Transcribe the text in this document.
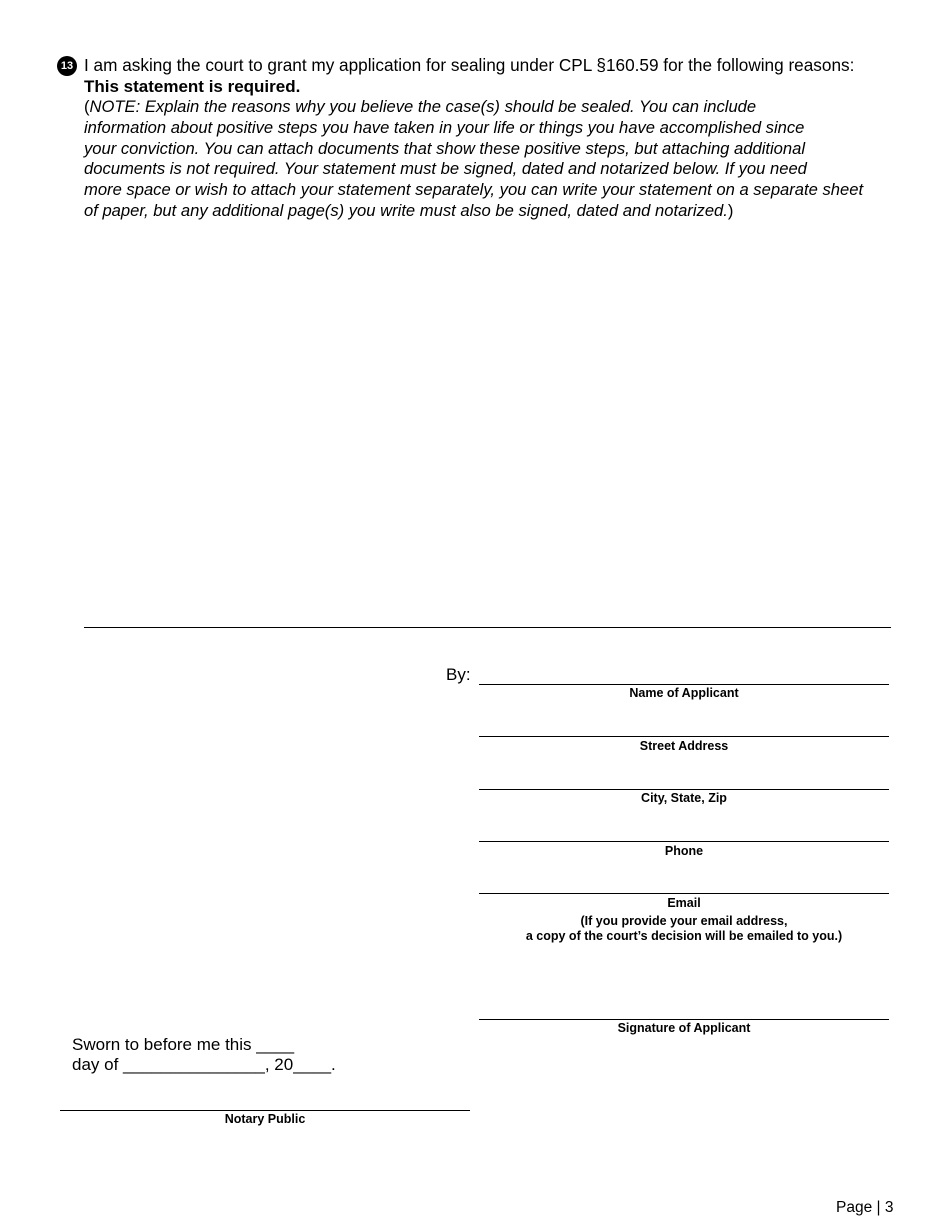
13 I am asking the court to grant my application for sealing under CPL §160.59 for the following reasons:
This statement is required.
(NOTE: Explain the reasons why you believe the case(s) should be sealed. You can include
information about positive steps you have taken in your life or things you have accomplished since
your conviction. You can attach documents that show these positive steps, but attaching additional
documents is not required. Your statement must be signed, dated and notarized below. If you need
more space or wish to attach your statement separately, you can write your statement on a separate sheet
of paper, but any additional page(s) you write must also be signed, dated and notarized.)
By:
Name of Applicant
Street Address
City, State, Zip
Phone
Email
(If you provide your email address,
a copy of the court’s decision will be emailed to you.)
Signature of Applicant
Sworn to before me this ____
day of _______________, 20____.
Notary Public
Page | 3
